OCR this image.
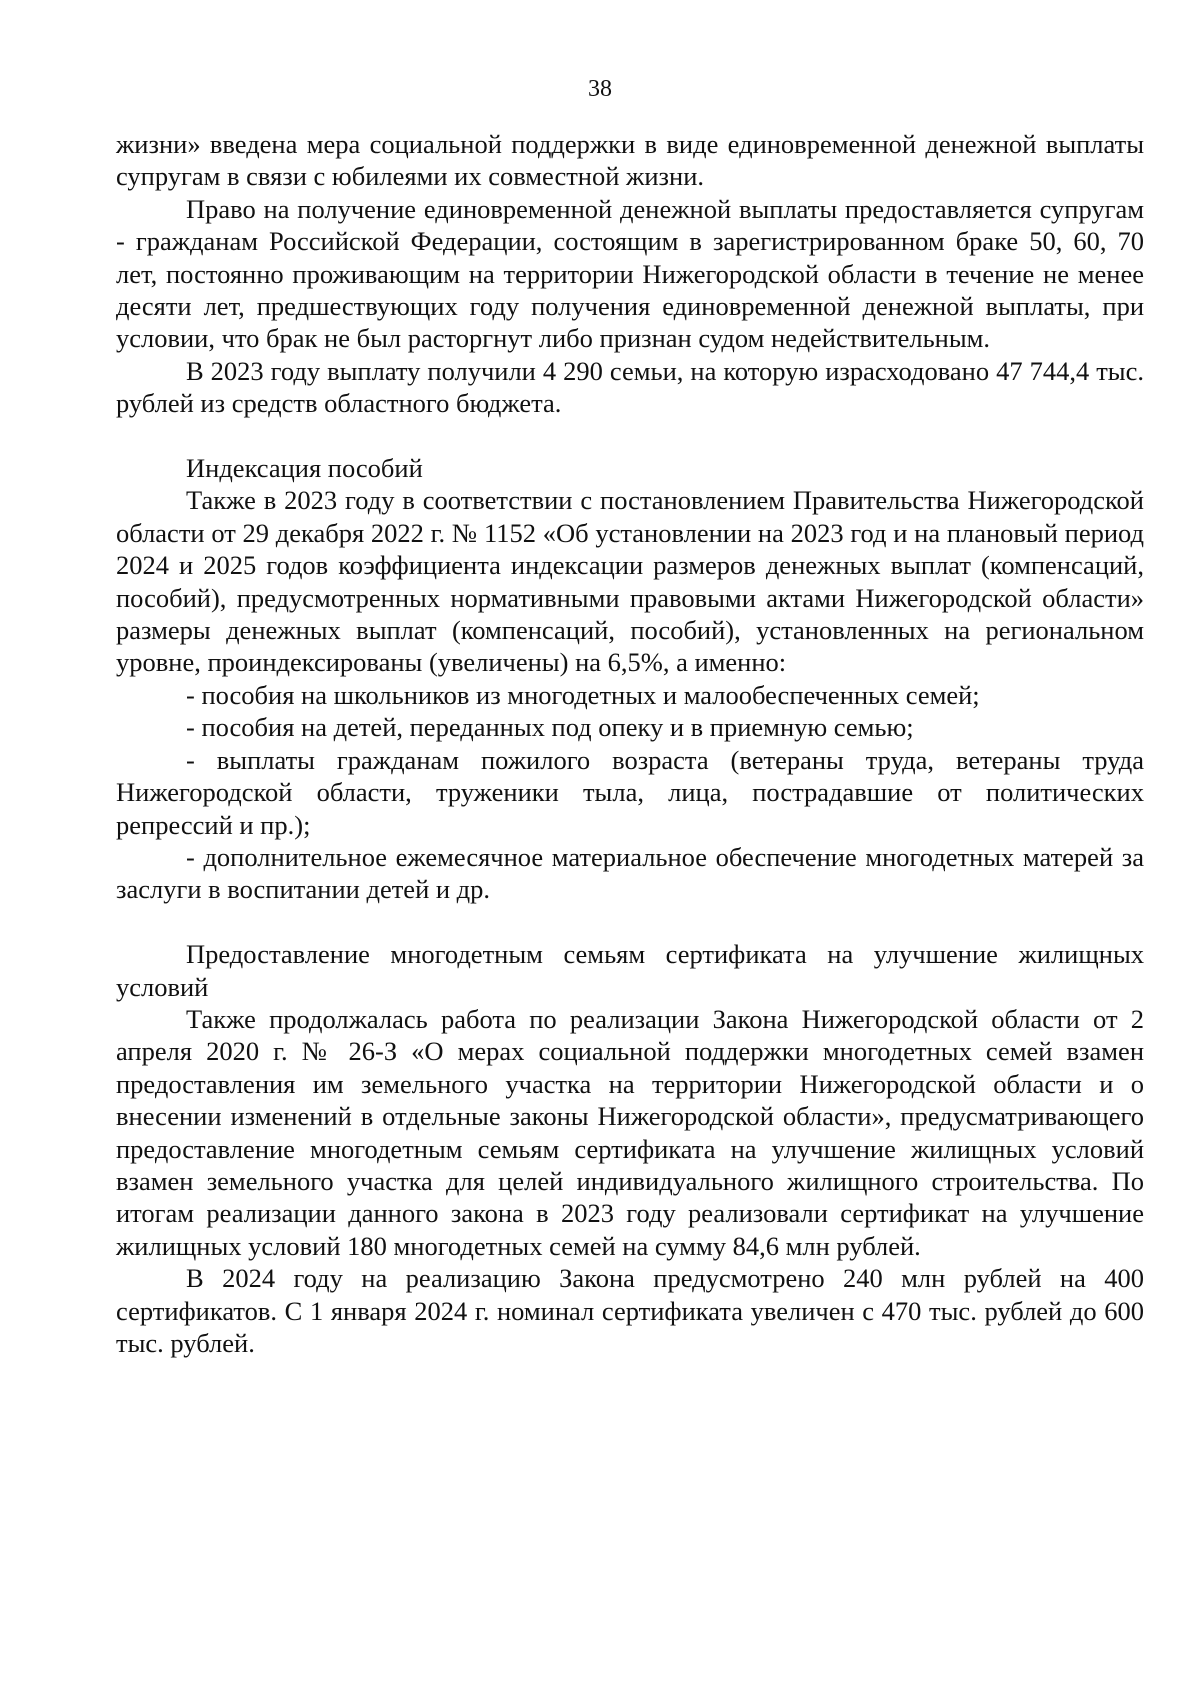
38

жизни» введена мера социальной поддержки в виде единовременной денежной выплаты супругам в связи с юбилеями их совместной жизни.

Право на получение единовременной денежной выплаты предоставляется супругам - гражданам Российской Федерации, состоящим в зарегистрированном браке 50, 60, 70 лет, постоянно проживающим на территории Нижегородской области в течение не менее десяти лет, предшествующих году получения единовременной денежной выплаты, при условии, что брак не был расторгнут либо признан судом недействительным.

В 2023 году выплату получили 4 290 семьи, на которую израсходовано 47 744,4 тыс. рублей из средств областного бюджета.

Индексация пособий

Также в 2023 году в соответствии с постановлением Правительства Нижегородской области от 29 декабря 2022 г. № 1152 «Об установлении на 2023 год и на плановый период 2024 и 2025 годов коэффициента индексации размеров денежных выплат (компенсаций, пособий), предусмотренных нормативными правовыми актами Нижегородской области» размеры денежных выплат (компенсаций, пособий), установленных на региональном уровне, проиндексированы (увеличены) на 6,5%, а именно:

- пособия на школьников из многодетных и малообеспеченных семей;

- пособия на детей, переданных под опеку и в приемную семью;

- выплаты гражданам пожилого возраста (ветераны труда, ветераны труда Нижегородской области, труженики тыла, лица, пострадавшие от политических репрессий и пр.);

- дополнительное ежемесячное материальное обеспечение многодетных матерей за заслуги в воспитании детей и др.

Предоставление многодетным семьям сертификата на улучшение жилищных условий

Также продолжалась работа по реализации Закона Нижегородской области от 2 апреля 2020 г. № 26-З «О мерах социальной поддержки многодетных семей взамен предоставления им земельного участка на территории Нижегородской области и о внесении изменений в отдельные законы Нижегородской области», предусматривающего предоставление многодетным семьям сертификата на улучшение жилищных условий взамен земельного участка для целей индивидуального жилищного строительства. По итогам реализации данного закона в 2023 году реализовали сертификат на улучшение жилищных условий 180 многодетных семей на сумму 84,6 млн рублей.

В 2024 году на реализацию Закона предусмотрено 240 млн рублей на 400 сертификатов. С 1 января 2024 г. номинал сертификата увеличен с 470 тыс. рублей до 600 тыс. рублей.
